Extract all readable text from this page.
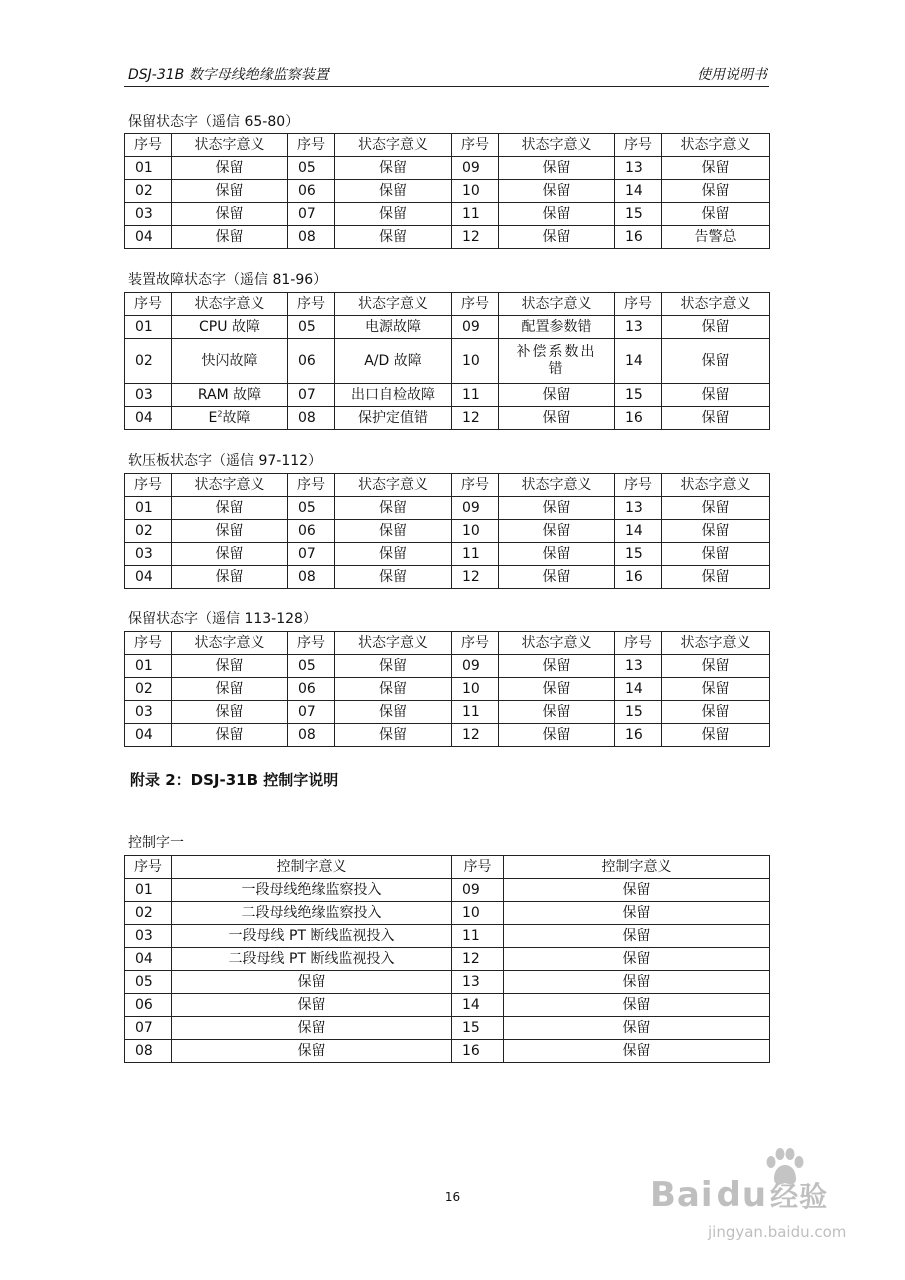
DSJ-31B 数字母线绝缘监察装置	使用说明书
保留状态字（遥信 65-80）
序号	状态字意义	序号	状态字意义	序号	状态字意义	序号	状态字意义
01	保留	05	保留	09	保留	13	保留
02	保留	06	保留	10	保留	14	保留
03	保留	07	保留	11	保留	15	保留
04	保留	08	保留	12	保留	16	告警总
装置故障状态字（遥信 81-96）
序号	状态字意义	序号	状态字意义	序号	状态字意义	序号	状态字意义
01	CPU 故障	05	电源故障	09	配置参数错	13	保留
02	快闪故障	06	A/D 故障	10	补偿系数出错	14	保留
03	RAM 故障	07	出口自检故障	11	保留	15	保留
04	$E^2$故障	08	保护定值错	12	保留	16	保留
软压板状态字（遥信 97-112）
序号	状态字意义	序号	状态字意义	序号	状态字意义	序号	状态字意义
01	保留	05	保留	09	保留	13	保留
02	保留	06	保留	10	保留	14	保留
03	保留	07	保留	11	保留	15	保留
04	保留	08	保留	12	保留	16	保留
保留状态字（遥信 113-128）
序号	状态字意义	序号	状态字意义	序号	状态字意义	序号	状态字意义
01	保留	05	保留	09	保留	13	保留
02	保留	06	保留	10	保留	14	保留
03	保留	07	保留	11	保留	15	保留
04	保留	08	保留	12	保留	16	保留
附录 2：DSJ-31B 控制字说明
控制字一
序号	控制字意义	序号	控制字意义
01	一段母线绝缘监察投入	09	保留
02	二段母线绝缘监察投入	10	保留
03	一段母线 PT 断线监视投入	11	保留
04	二段母线 PT 断线监视投入	12	保留
05	保留	13	保留
06	保留	14	保留
07	保留	15	保留
08	保留	16	保留
16	Baidu 经验
jingyan.baidu.com
